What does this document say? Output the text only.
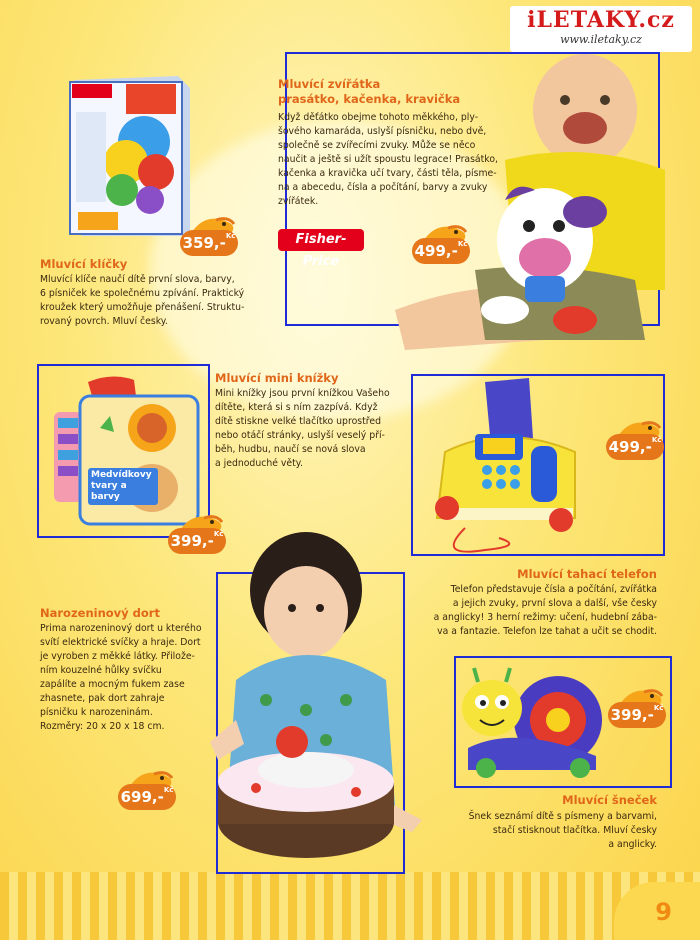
iLETAKY.cz
www.iletaky.cz
359,-$^{Kč}$
Mluvící klíčky
Mluvící klíče naučí dítě první slova, barvy,
6 písniček ke společnému zpívání. Praktický
kroužek který umožňuje přenášení. Struktu-
rovaný povrch. Mluví česky.
Mluvící zvířátka
prasátko, kačenka, kravička
Když děťátko obejme tohoto měkkého, ply-
šového kamaráda, uslyší písničku, nebo dvě,
společně se zvířecími zvuky. Může se něco
naučit a ještě si užít spoustu legrace! Prasátko,
kačenka a kravička učí tvary, části těla, písme-
na a abecedu, čísla a počítání, barvy a zvuky
zvířátek.
Fisher-Price
499,-$^{Kč}$
Medvídkovy tvary a barvy
399,-$^{Kč}$
Mluvící mini knížky
Mini knížky jsou první knížkou Vašeho
dítěte, která si s ním zazpívá. Když
dítě stiskne velké tlačítko uprostřed
nebo otáčí stránky, uslyší veselý pří-
běh, hudbu, naučí se nová slova
a jednoduché věty.
499,-$^{Kč}$
Mluvící tahací telefon
Telefon představuje čísla a počítání, zvířátka
a jejich zvuky, první slova a další, vše česky
a anglicky! 3 herní režimy: učení, hudební zába-
va a fantazie. Telefon lze tahat a učit se chodit.
Narozeninový dort
Prima narozeninový dort u kterého
svítí elektrické svíčky a hraje. Dort
je vyroben z měkké látky. Přilože-
ním kouzelné hůlky svíčku
zapálíte a mocným fukem zase
zhasnete, pak dort zahraje
písničku k narozeninám.
Rozměry: 20 x 20 x 18 cm.
699,-$^{Kč}$
399,-$^{Kč}$
Mluvící šneček
Šnek seznámí dítě s písmeny a barvami,
stačí stisknout tlačítka. Mluví česky
a anglicky.
9
